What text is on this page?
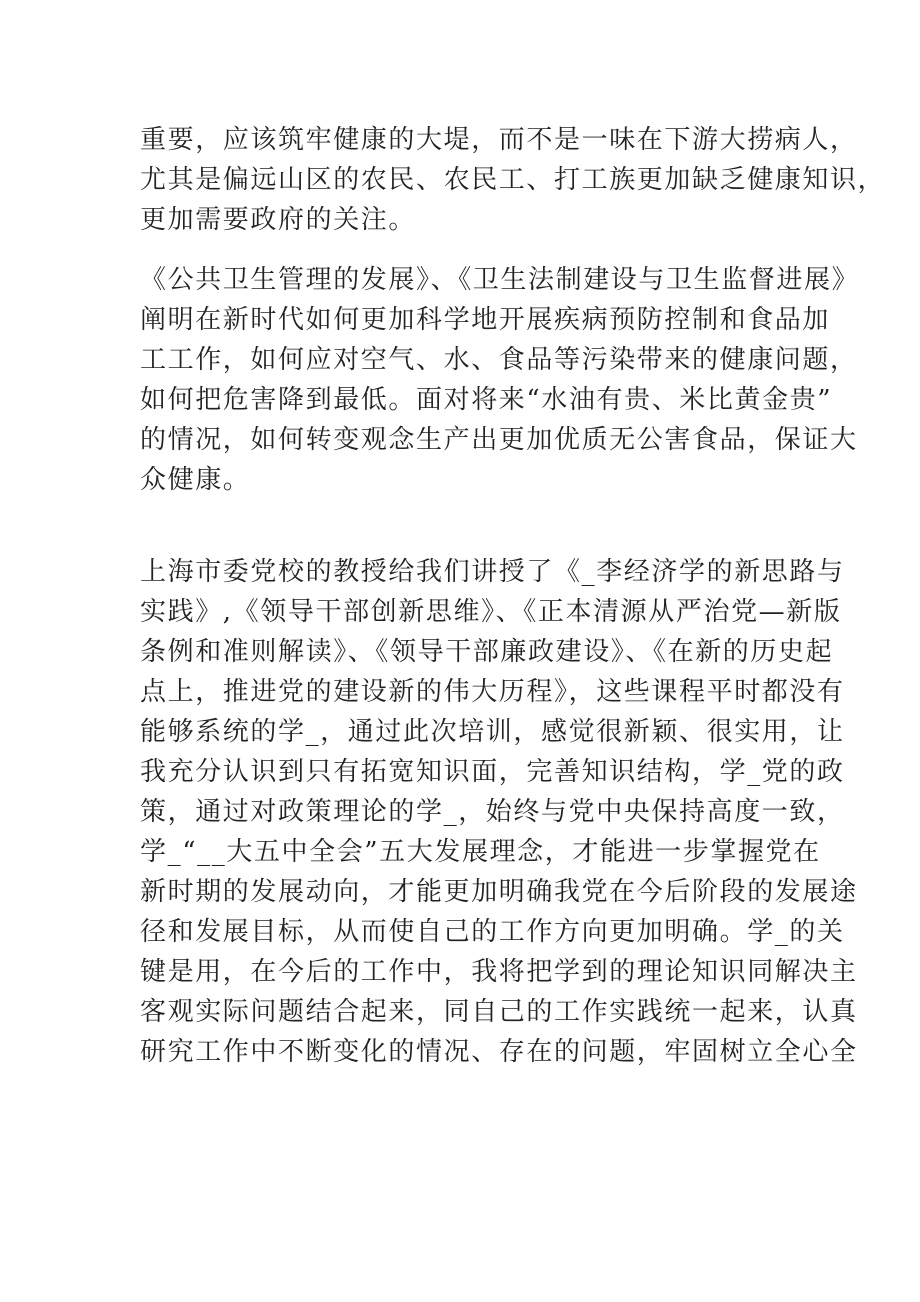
重要，应该筑牢健康的大堤，而不是一味在下游大捞病人，
尤其是偏远山区的农民、农民工、打工族更加缺乏健康知识，
更加需要政府的关注。
《公共卫生管理的发展》、《卫生法制建设与卫生监督进展》
阐明在新时代如何更加科学地开展疾病预防控制和食品加
工工作，如何应对空气、水、食品等污染带来的健康问题，
如何把危害降到最低。面对将来“水油有贵、米比黄金贵”
的情况，如何转变观念生产出更加优质无公害食品，保证大
众健康。
上海市委党校的教授给我们讲授了《_李经济学的新思路与
实践》,《领导干部创新思维》、《正本清源从严治党—新版
条例和准则解读》、《领导干部廉政建设》、《在新的历史起
点上，推进党的建设新的伟大历程》，这些课程平时都没有
能够系统的学_，通过此次培训，感觉很新颖、很实用，让
我充分认识到只有拓宽知识面，完善知识结构，学_党的政
策，通过对政策理论的学_，始终与党中央保持高度一致，
学_“__大五中全会”五大发展理念，才能进一步掌握党在
新时期的发展动向，才能更加明确我党在今后阶段的发展途
径和发展目标，从而使自己的工作方向更加明确。学_的关
键是用，在今后的工作中，我将把学到的理论知识同解决主
客观实际问题结合起来，同自己的工作实践统一起来，认真
研究工作中不断变化的情况、存在的问题，牢固树立全心全
